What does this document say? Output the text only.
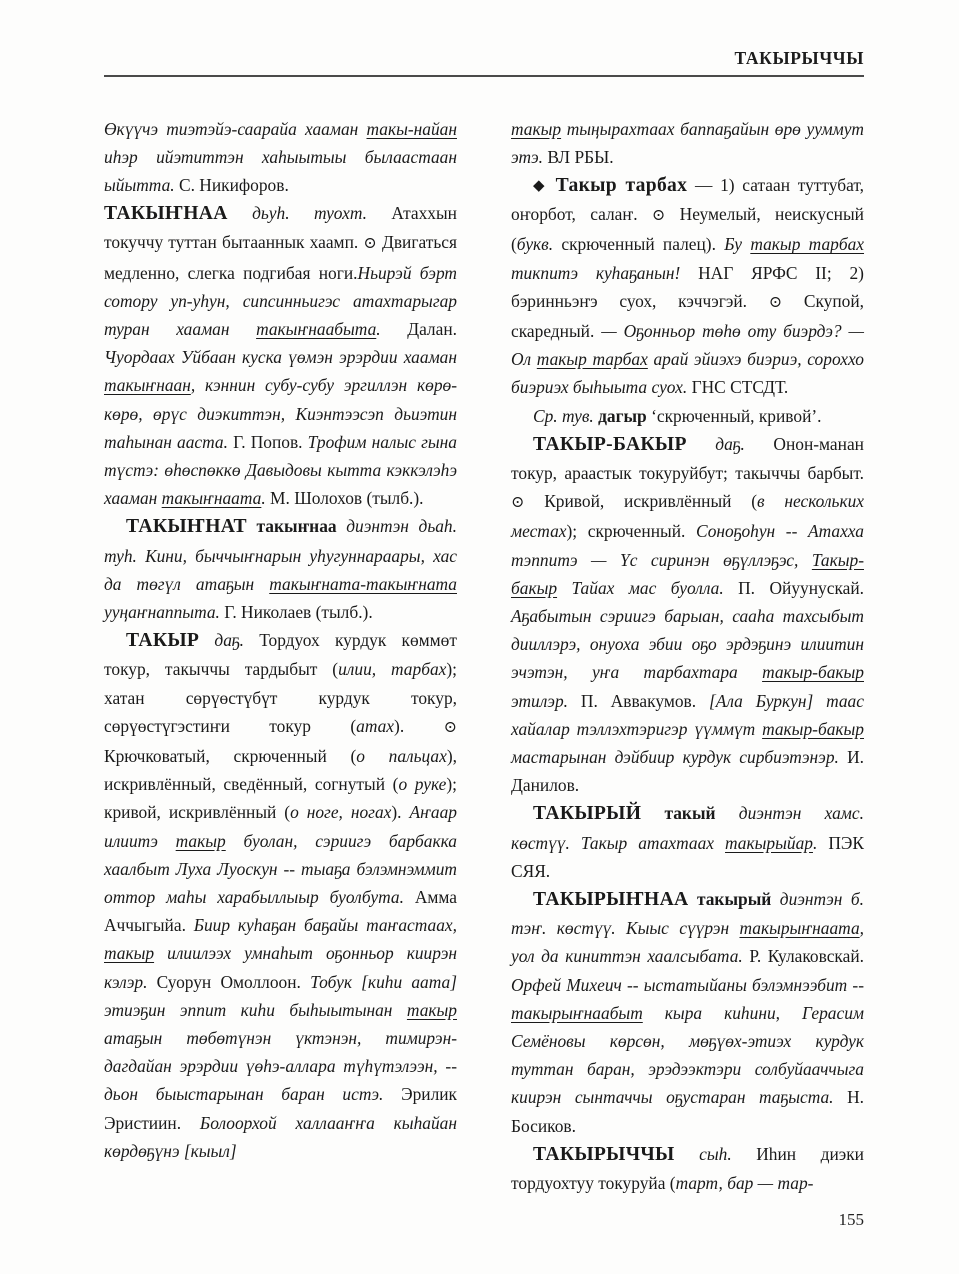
ТАКЫРЫЧЧЫ

Өкүүчэ тиэтэйэ-саарайа хааман такы-найан иһэр ийэтиттэн хаһыытыы былаастаан ыйытта. С. Никифоров.

ТАКЫҤНАА дьуһ. туохт. Атаххын токуччу туттан бытааннык хаамп. ⊙ Двигаться медленно, слегка подгибая ноги.Ньирэй бэрт сотору уп-уһун, сипсинньигэс атахтарыгар туран хааман такыҥнаабыта. Далан. Чуордаах Уйбаан куска үөмэн эрэрдии хааман такыҥнаан, кэннин субу-субу эргиллэн көрө-көрө, өрүс диэкиттэн, Киэнтээсэп дьиэтин таһынан ааста. Г. Попов. Трофим налыс гына түстэ: өһөспөккө Давыдовы кытта кэккэлэһэ хааман такыҥнаата. М. Шолохов (тылб.).

ТАКЫҤНАТ такыҥнаа диэнтэн дьаһ. туһ. Кини, быччыҥнарын уһугуннараары, хас да төгүл атаҕын такыҥната-такыҥната ууңаҥнаппыта. Г. Николаев (тылб.).

ТАКЫР даҕ. Тордуох курдук көммөт токур, такыччы тардыбыт (илии, тарбах); хатан сөрүөстүбүт курдук токур, сөрүөстүгэстиҥи токур (атах). ⊙ Крючковатый, скрюченный (о пальцах), искривлённый, сведённый, согнутый (о руке); кривой, искривлённый (о ноге, ногах). Аҥаар илиитэ такыр буолан, сэриигэ барбакка хаалбыт Луха Луоскун -- тыаҕа бэлэмнэммит оттор маһы харабыллыыр буолбута. Амма Аччыгыйа. Биир куһаҕан баҕайы таҥастаах, такыр илиилээх умнаһыт оҕонньор киирэн кэлэр. Суорун Омоллоон. Тобук [киһи аата] этиэҕин эппит киһи быһыытынан такыр атаҕын төбөтүнэн үктэнэн, тимирэн-дагдайан эрэрдии үөһэ-аллара түһүтэлээн, -- дьон быыстарынан баран истэ. Эрилик Эристиин. Болоорхой халлааҥҥа кыһайан көрдөҕүнэ [кыыл]

такыр тыңырахтаах баппаҕайын өрө ууммут этэ. ВЛ РБЫ.

◆ Такыр тарбах — 1) сатаан туттубат, оҥорбот, салаҥ. ⊙ Неумелый, неискусный (букв. скрюченный палец). Бу такыр тарбах тикпитэ куһаҕанын! НАГ ЯРФС II; 2) бэринньэҥэ суох, кэччэгэй. ⊙ Скупой, скаредный. — Оҕонньор төһө оту биэрдэ? — Ол такыр тарбах арай эйиэхэ биэриэ, сороххо биэриэх быһыыта суох. ГНС СТСДТ.

Ср. тув. дагыр ‘скрюченный, кривой’.

ТАКЫР-БАКЫР даҕ. Онон-манан токур, араастык токуруйбут; такыччы барбыт. ⊙ Кривой, искривлённый (в нескольких местах); скрюченный. Соноҕоһун -- Атахха тэппитэ — Үс сиринэн өҕүллэҕэс, Такыр-бакыр Тайах мас буолла. П. Ойуунускай. Аҕабытын сэриигэ барыан, сааһа тахсыбыт дииллэрэ, онуоха эбии оҕо эрдэҕинэ илиитин эчэтэн, уҥа тарбахтара такыр-бакыр этилэр. П. Аввакумов. [Ала Буркун] таас хайалар тэллэхтэригэр үүммүт такыр-бакыр мастарынан дэйбиир курдук сирбиэтэнэр. И. Данилов.

ТАКЫРЫЙ такый диэнтэн хамс. көстүү. Такыр атахтаах такырыйар. ПЭК СЯЯ.

ТАКЫРЫҤНАА такырый диэнтэн б. тэҥ. көстүү. Кыыс сүүрэн такырыҥнаата, уол да киниттэн хаалсыбата. Р. Кулаковскай. Орфей Михеич -- ыстатыйаны бэлэмнээбит -- такырыҥнаабыт кыра киһини, Герасим Семёновы көрсөн, мөҕүөх-этиэх курдук туттан баран, эрэдээктэри солбуйааччыга киирэн сынтаччы оҕустаран таҕыста. Н. Босиков.

ТАКЫРЫЧЧЫ сыһ. Иһин диэки тордуохтуу токуруйа (тарт, бар — тар-

155
